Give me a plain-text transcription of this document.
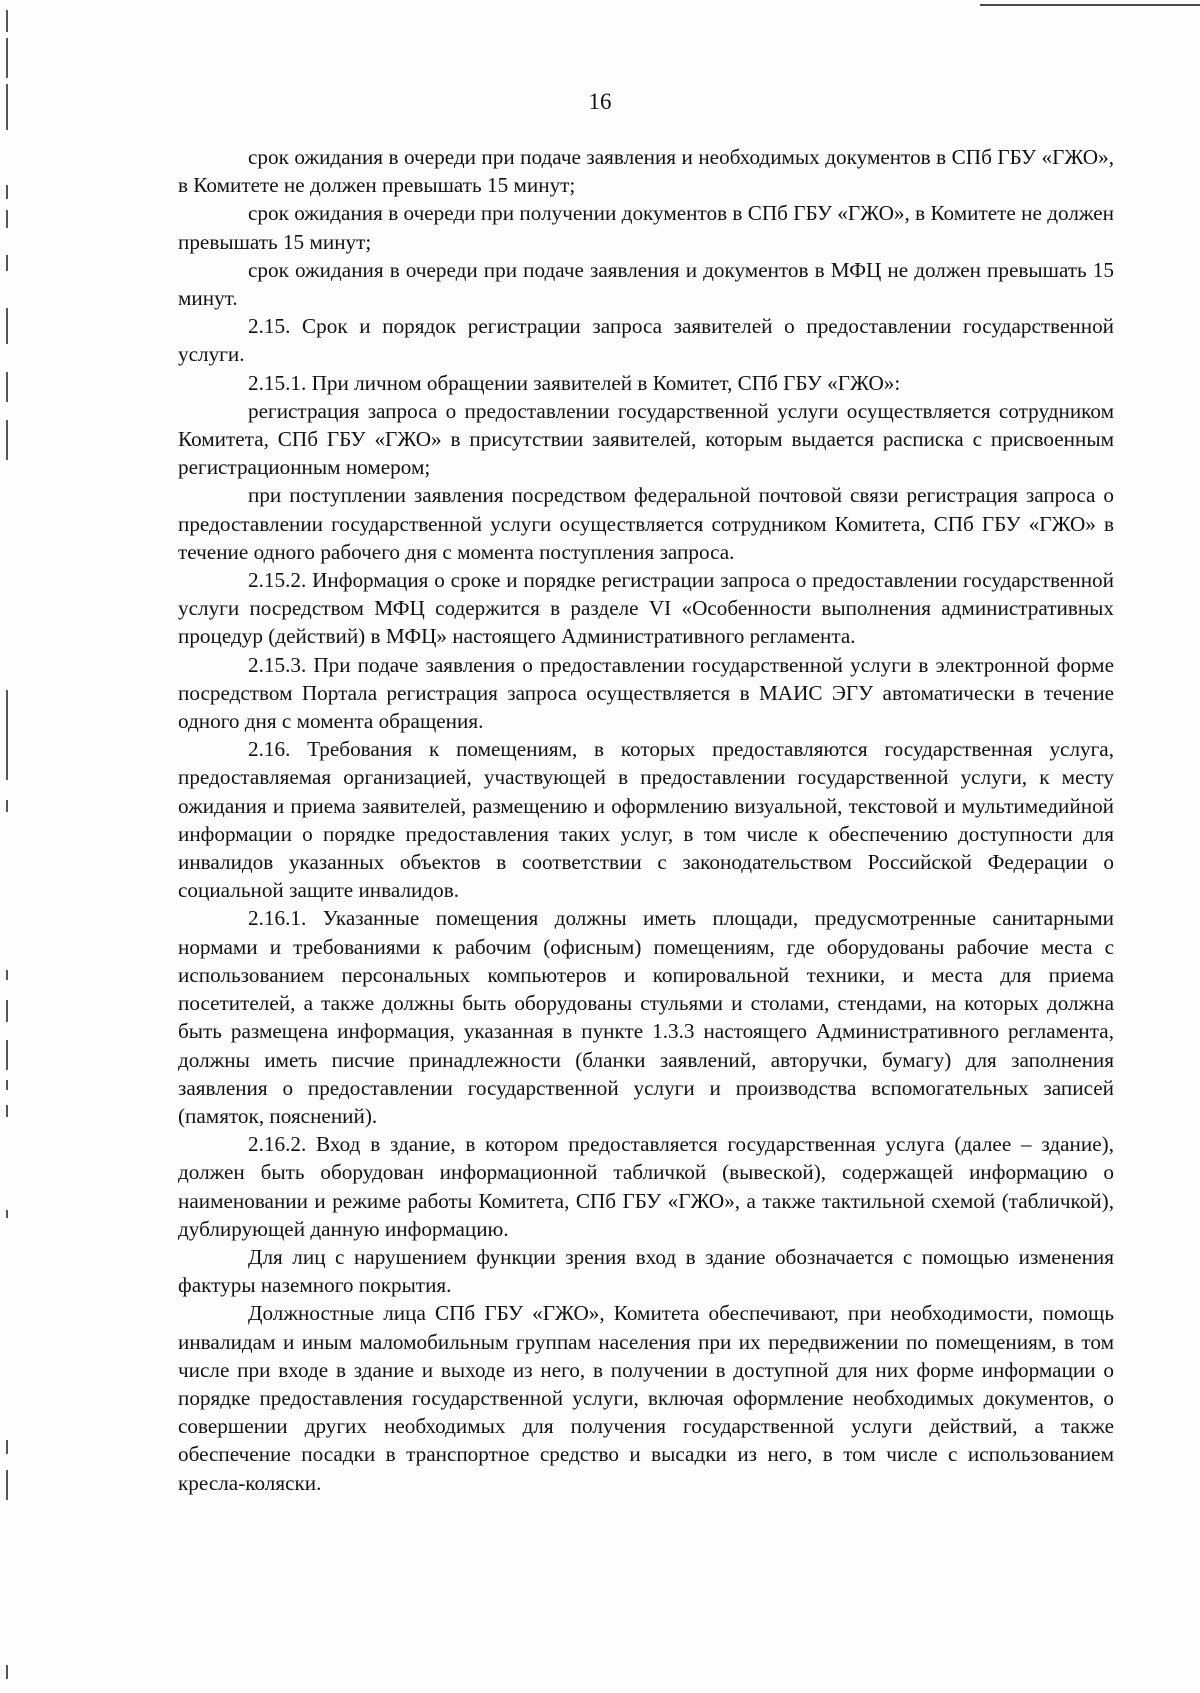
16

срок ожидания в очереди при подаче заявления и необходимых документов в СПб ГБУ «ГЖО», в Комитете не должен превышать 15 минут;

срок ожидания в очереди при получении документов в СПб ГБУ «ГЖО», в Комитете не должен превышать 15 минут;

срок ожидания в очереди при подаче заявления и документов в МФЦ не должен превышать 15 минут.

2.15. Срок и порядок регистрации запроса заявителей о предоставлении государственной услуги.

2.15.1. При личном обращении заявителей в Комитет, СПб ГБУ «ГЖО»:

регистрация запроса о предоставлении государственной услуги осуществляется сотрудником Комитета, СПб ГБУ «ГЖО» в присутствии заявителей, которым выдается расписка с присвоенным регистрационным номером;

при поступлении заявления посредством федеральной почтовой связи регистрация запроса о предоставлении государственной услуги осуществляется сотрудником Комитета, СПб ГБУ «ГЖО» в течение одного рабочего дня с момента поступления запроса.

2.15.2. Информация о сроке и порядке регистрации запроса о предоставлении государственной услуги посредством МФЦ содержится в разделе VI «Особенности выполнения административных процедур (действий) в МФЦ» настоящего Административного регламента.

2.15.3. При подаче заявления о предоставлении государственной услуги в электронной форме посредством Портала регистрация запроса осуществляется в МАИС ЭГУ автоматически в течение одного дня с момента обращения.

2.16. Требования к помещениям, в которых предоставляются государственная услуга, предоставляемая организацией, участвующей в предоставлении государственной услуги, к месту ожидания и приема заявителей, размещению и оформлению визуальной, текстовой и мультимедийной информации о порядке предоставления таких услуг, в том числе к обеспечению доступности для инвалидов указанных объектов в соответствии с законодательством Российской Федерации о социальной защите инвалидов.

2.16.1. Указанные помещения должны иметь площади, предусмотренные санитарными нормами и требованиями к рабочим (офисным) помещениям, где оборудованы рабочие места с использованием персональных компьютеров и копировальной техники, и места для приема посетителей, а также должны быть оборудованы стульями и столами, стендами, на которых должна быть размещена информация, указанная в пункте 1.3.3 настоящего Административного регламента, должны иметь писчие принадлежности (бланки заявлений, авторучки, бумагу) для заполнения заявления о предоставлении государственной услуги и производства вспомогательных записей (памяток, пояснений).

2.16.2. Вход в здание, в котором предоставляется государственная услуга (далее – здание), должен быть оборудован информационной табличкой (вывеской), содержащей информацию о наименовании и режиме работы Комитета, СПб ГБУ «ГЖО», а также тактильной схемой (табличкой), дублирующей данную информацию.

Для лиц с нарушением функции зрения вход в здание обозначается с помощью изменения фактуры наземного покрытия.

Должностные лица СПб ГБУ «ГЖО», Комитета обеспечивают, при необходимости, помощь инвалидам и иным маломобильным группам населения при их передвижении по помещениям, в том числе при входе в здание и выходе из него, в получении в доступной для них форме информации о порядке предоставления государственной услуги, включая оформление необходимых документов, о совершении других необходимых для получения государственной услуги действий, а также обеспечение посадки в транспортное средство и высадки из него, в том числе с использованием кресла-коляски.
